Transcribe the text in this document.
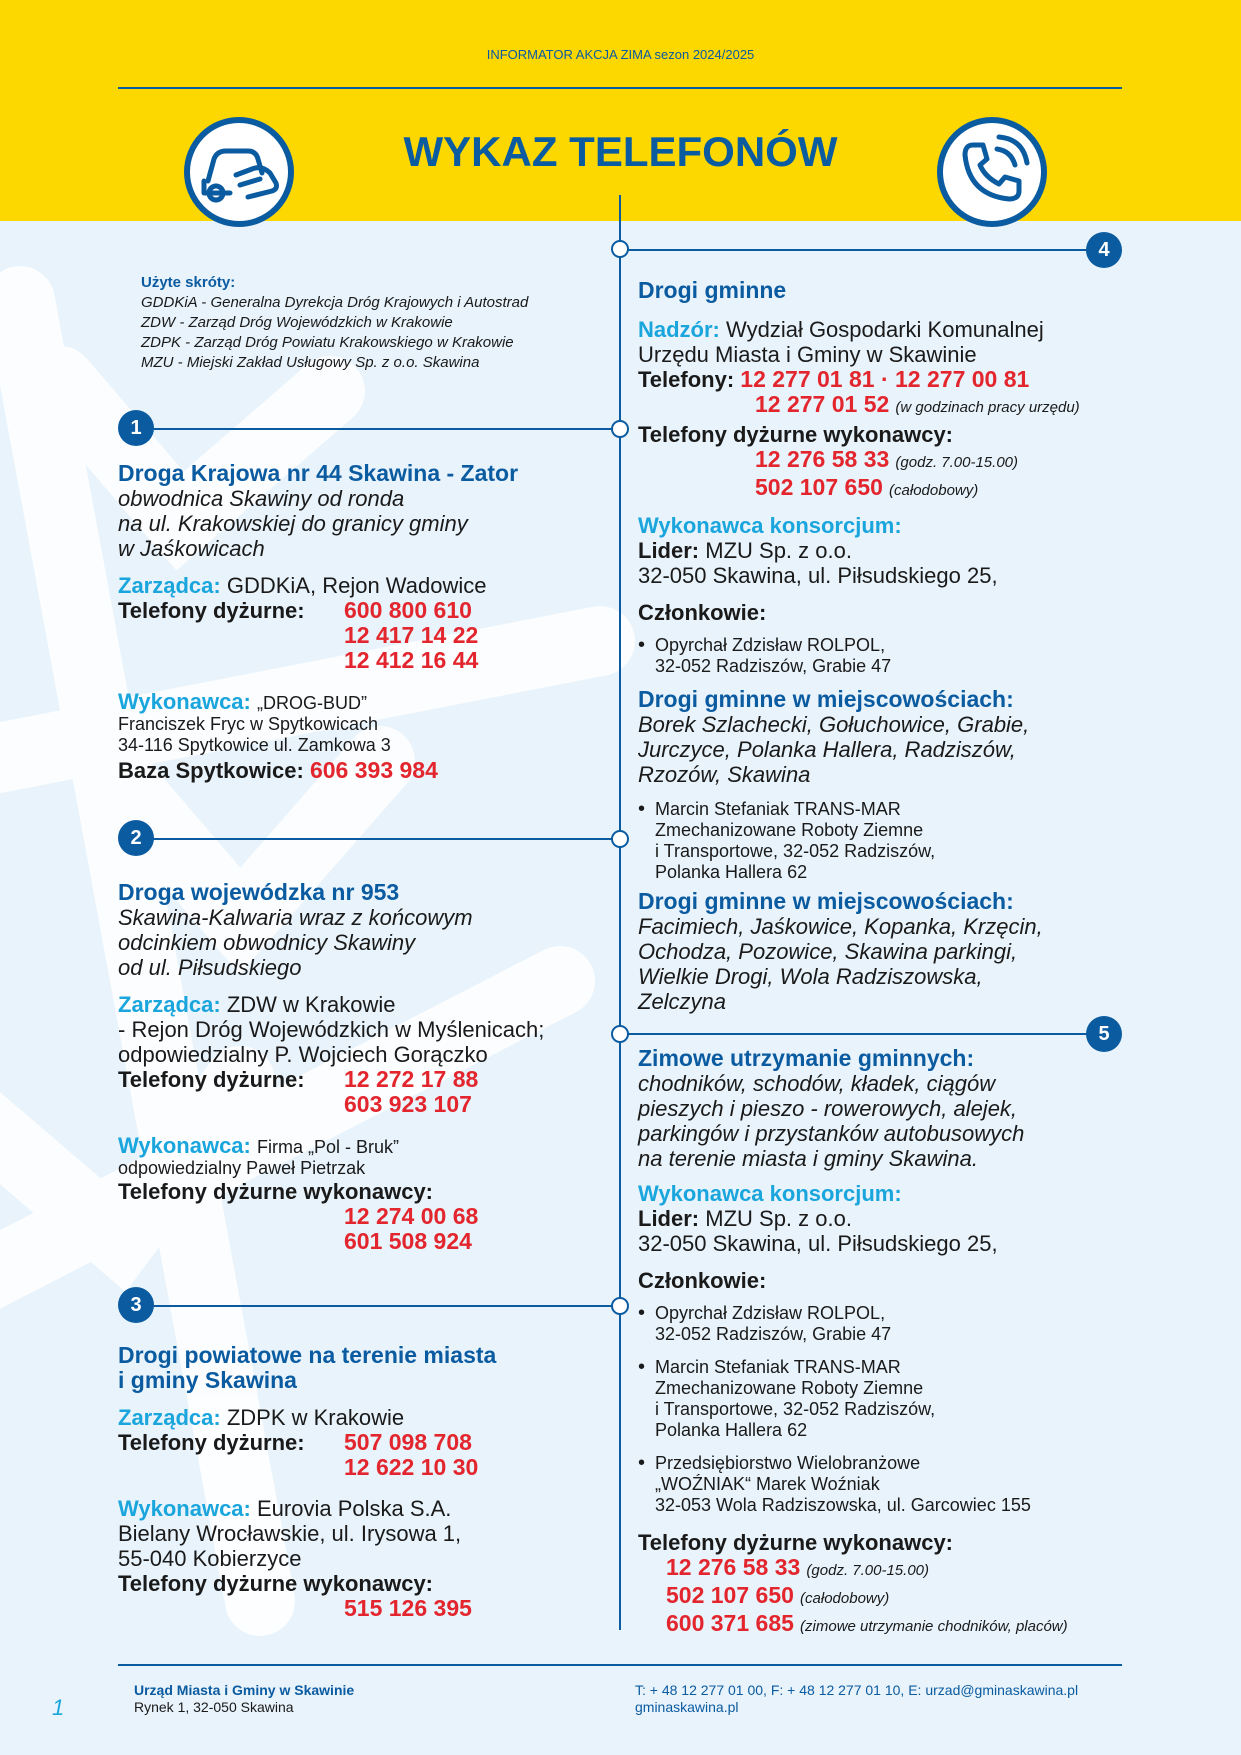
INFORMATOR AKCJA ZIMA sezon 2024/2025
WYKAZ TELEFONÓW
4
1
2
5
3
Użyte skróty:
GDDKiA - Generalna Dyrekcja Dróg Krajowych i Autostrad
ZDW - Zarząd Dróg Wojewódzkich w Krakowie
ZDPK - Zarząd Dróg Powiatu Krakowskiego w Krakowie
MZU - Miejski Zakład Usługowy Sp. z o.o. Skawina
Droga Krajowa nr 44 Skawina - Zator
obwodnica Skawiny od ronda
na ul. Krakowskiej do granicy gminy
w Jaśkowicach
Zarządca: GDDKiA, Rejon Wadowice
Telefony dyżurne: 600 800 610
12 417 14 22
12 412 16 44
Wykonawca: „DROG-BUD”
Franciszek Fryc w Spytkowicach
34-116 Spytkowice ul. Zamkowa 3
Baza Spytkowice: 606 393 984
Droga wojewódzka nr 953
Skawina-Kalwaria wraz z końcowym
odcinkiem obwodnicy Skawiny
od ul. Piłsudskiego
Zarządca: ZDW w Krakowie
- Rejon Dróg Wojewódzkich w Myślenicach;
odpowiedzialny P. Wojciech Gorączko
Telefony dyżurne: 12 272 17 88
603 923 107
Wykonawca: Firma „Pol - Bruk”
odpowiedzialny Paweł Pietrzak
Telefony dyżurne wykonawcy:
12 274 00 68
601 508 924
Drogi powiatowe na terenie miasta
i gminy Skawina
Zarządca: ZDPK w Krakowie
Telefony dyżurne: 507 098 708
12 622 10 30
Wykonawca: Eurovia Polska S.A.
Bielany Wrocławskie, ul. Irysowa 1,
55-040 Kobierzyce
Telefony dyżurne wykonawcy:
515 126 395
Drogi gminne
Nadzór: Wydział Gospodarki Komunalnej
Urzędu Miasta i Gminy w Skawinie
Telefony: 12 277 01 81 · 12 277 00 81
12 277 01 52 (w godzinach pracy urzędu)
Telefony dyżurne wykonawcy:
12 276 58 33 (godz. 7.00-15.00)
502 107 650 (całodobowy)
Wykonawca konsorcjum:
Lider: MZU Sp. z o.o.
32-050 Skawina, ul. Piłsudskiego 25,
Członkowie:
• Opyrchał Zdzisław ROLPOL,
32-052 Radziszów, Grabie 47
Drogi gminne w miejscowościach:
Borek Szlachecki, Gołuchowice, Grabie,
Jurczyce, Polanka Hallera, Radziszów,
Rzozów, Skawina
• Marcin Stefaniak TRANS-MAR
Zmechanizowane Roboty Ziemne
i Transportowe, 32-052 Radziszów,
Polanka Hallera 62
Drogi gminne w miejscowościach:
Facimiech, Jaśkowice, Kopanka, Krzęcin,
Ochodza, Pozowice, Skawina parkingi,
Wielkie Drogi, Wola Radziszowska,
Zelczyna
Zimowe utrzymanie gminnych:
chodników, schodów, kładek, ciągów
pieszych i pieszo - rowerowych, alejek,
parkingów i przystanków autobusowych
na terenie miasta i gminy Skawina.
Wykonawca konsorcjum:
Lider: MZU Sp. z o.o.
32-050 Skawina, ul. Piłsudskiego 25,
Członkowie:
• Opyrchał Zdzisław ROLPOL,
32-052 Radziszów, Grabie 47
• Marcin Stefaniak TRANS-MAR
Zmechanizowane Roboty Ziemne
i Transportowe, 32-052 Radziszów,
Polanka Hallera 62
• Przedsiębiorstwo Wielobranżowe
„WOŹNIAK“ Marek Woźniak
32-053 Wola Radziszowska, ul. Garcowiec 155
Telefony dyżurne wykonawcy:
12 276 58 33 (godz. 7.00-15.00)
502 107 650 (całodobowy)
600 371 685 (zimowe utrzymanie chodników, placów)
Urząd Miasta i Gminy w Skawinie
Rynek 1, 32-050 Skawina
T: + 48 12 277 01 00, F: + 48 12 277 01 10, E: urzad@gminaskawina.pl
gminaskawina.pl
1
